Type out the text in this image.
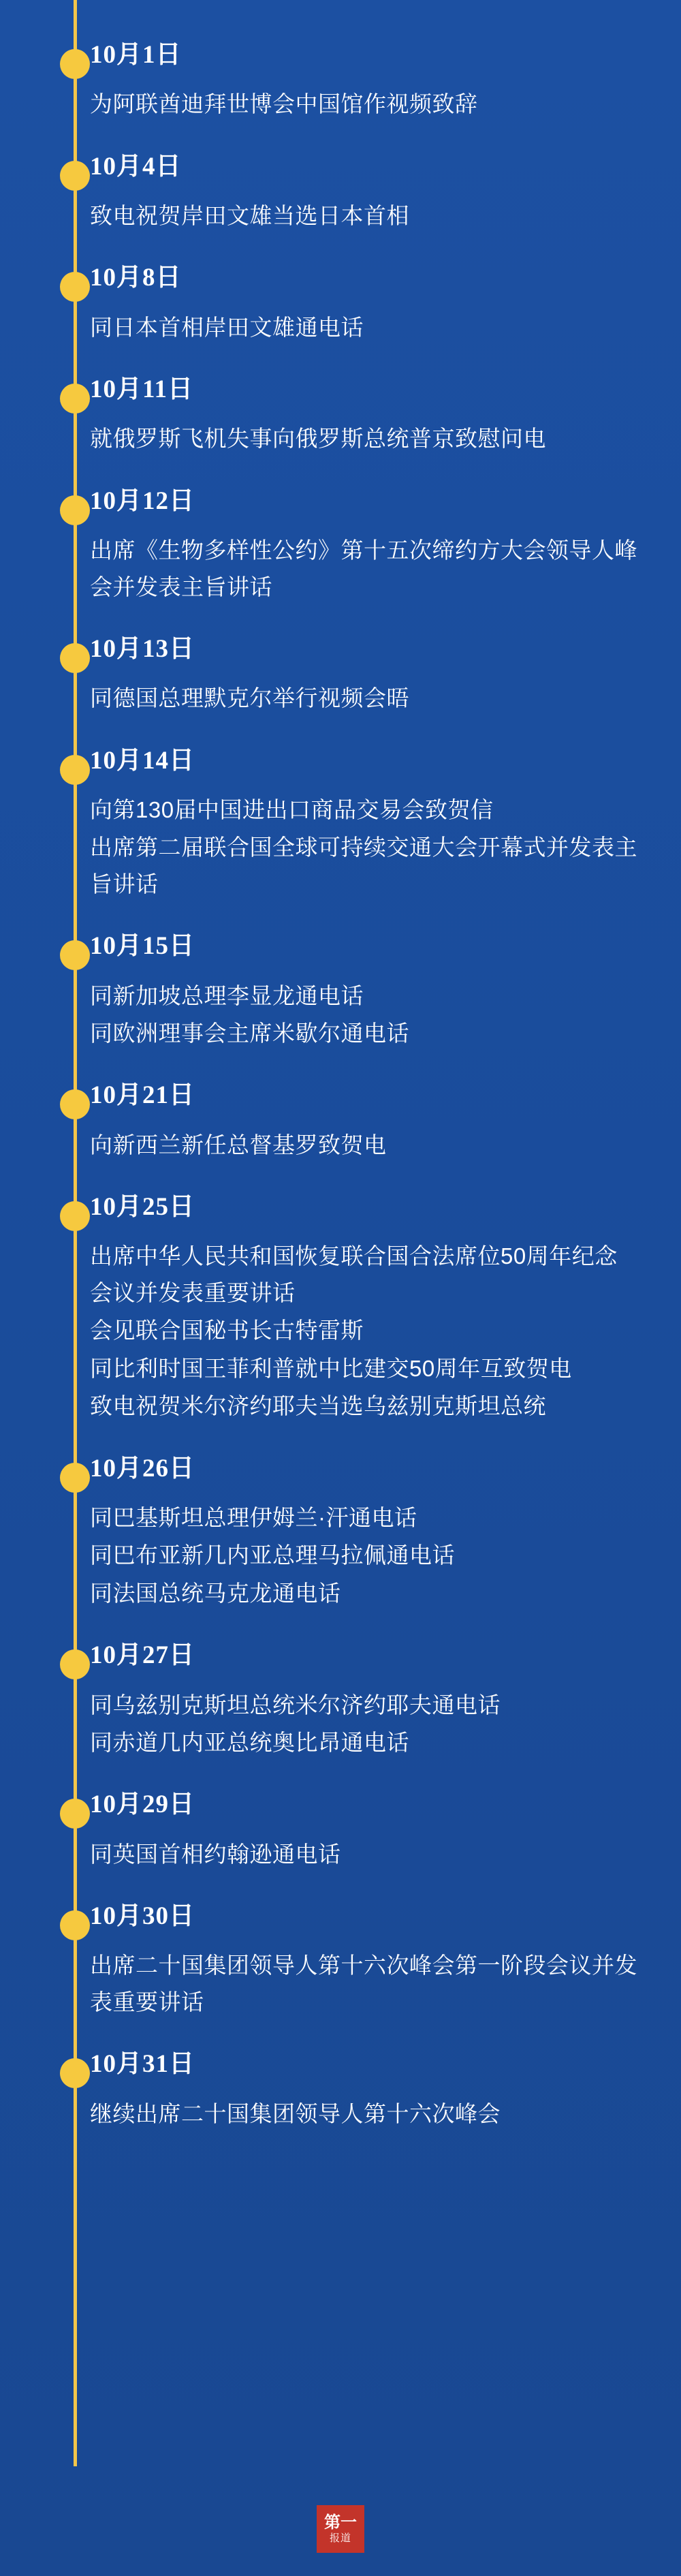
10月1日
为阿联酋迪拜世博会中国馆作视频致辞
10月4日
致电祝贺岸田文雄当选日本首相
10月8日
同日本首相岸田文雄通电话
10月11日
就俄罗斯飞机失事向俄罗斯总统普京致慰问电
10月12日
出席《生物多样性公约》第十五次缔约方大会领导人峰会并发表主旨讲话
10月13日
同德国总理默克尔举行视频会晤
10月14日
向第130届中国进出口商品交易会致贺信
出席第二届联合国全球可持续交通大会开幕式并发表主旨讲话
10月15日
同新加坡总理李显龙通电话
同欧洲理事会主席米歇尔通电话
10月21日
向新西兰新任总督基罗致贺电
10月25日
出席中华人民共和国恢复联合国合法席位50周年纪念会议并发表重要讲话
会见联合国秘书长古特雷斯
同比利时国王菲利普就中比建交50周年互致贺电
致电祝贺米尔济约耶夫当选乌兹别克斯坦总统
10月26日
同巴基斯坦总理伊姆兰·汗通电话
同巴布亚新几内亚总理马拉佩通电话
同法国总统马克龙通电话
10月27日
同乌兹别克斯坦总统米尔济约耶夫通电话
同赤道几内亚总统奥比昂通电话
10月29日
同英国首相约翰逊通电话
10月30日
出席二十国集团领导人第十六次峰会第一阶段会议并发表重要讲话
10月31日
继续出席二十国集团领导人第十六次峰会
第一
报道
